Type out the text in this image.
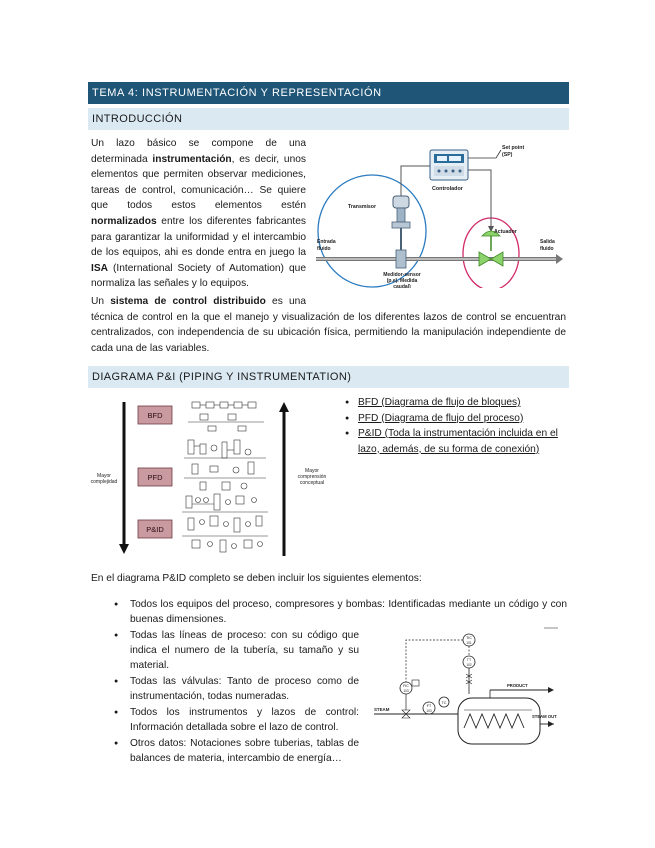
TEMA 4: INSTRUMENTACIÓN Y REPRESENTACIÓN
INTRODUCCIÓN
Un lazo básico se compone de una
determinada instrumentación, es decir, unos
elementos que permiten observar mediciones,
tareas de control, comunicación… Se quiere
que todos estos elementos estén
normalizados entre los diferentes fabricantes
para garantizar la uniformidad y el intercambio
de los equipos, ahi es donde entra en juego la
ISA (International Society of Automation) que
normaliza las señales y lo equipos.
Set point
(SP)
Controlador
Transmisor
Actuador
Entrada
fluido
Salida
fluido
Medidor-sensor
(p.e). Medida
caudal)
Un sistema de control distribuido es una
técnica de control en la que el manejo y visualización de los diferentes lazos de control se encuentran centralizados, con independencia de su ubicación física, permitiendo la manipulación independiente de cada una de las variables.
DIAGRAMA P&I (PIPING Y INSTRUMENTATION)
BFD
PFD
P&ID
Mayor
complejidad
Mayor
comprensión
conceptual
● BFD (Diagrama de flujo de bloques)
● PFD (Diagrama de flujo del proceso)
● P&ID (Toda la instrumentación incluida en el lazo, además, de su forma de conexión)
En el diagrama P&ID completo se deben incluir los siguientes elementos:
● Todos los equipos del proceso, compresores y bombas: Identificadas mediante un código y con buenas dimensiones.
● Todas las líneas de proceso: con su código que indica el numero de la tubería, su tamaño y su material.
● Todas las válvulas: Tanto de proceso como de instrumentación, todas numeradas.
● Todos los instrumentos y lazos de control: Información detallada sobre el lazo de control.
● Otros datos: Notaciones sobre tuberias, tablas de balances de materia, intercambio de energía…
TIC
101
TT
102
FIC
103
FT
103
STEAM
PRODUCT
STEAM OUT
TC
